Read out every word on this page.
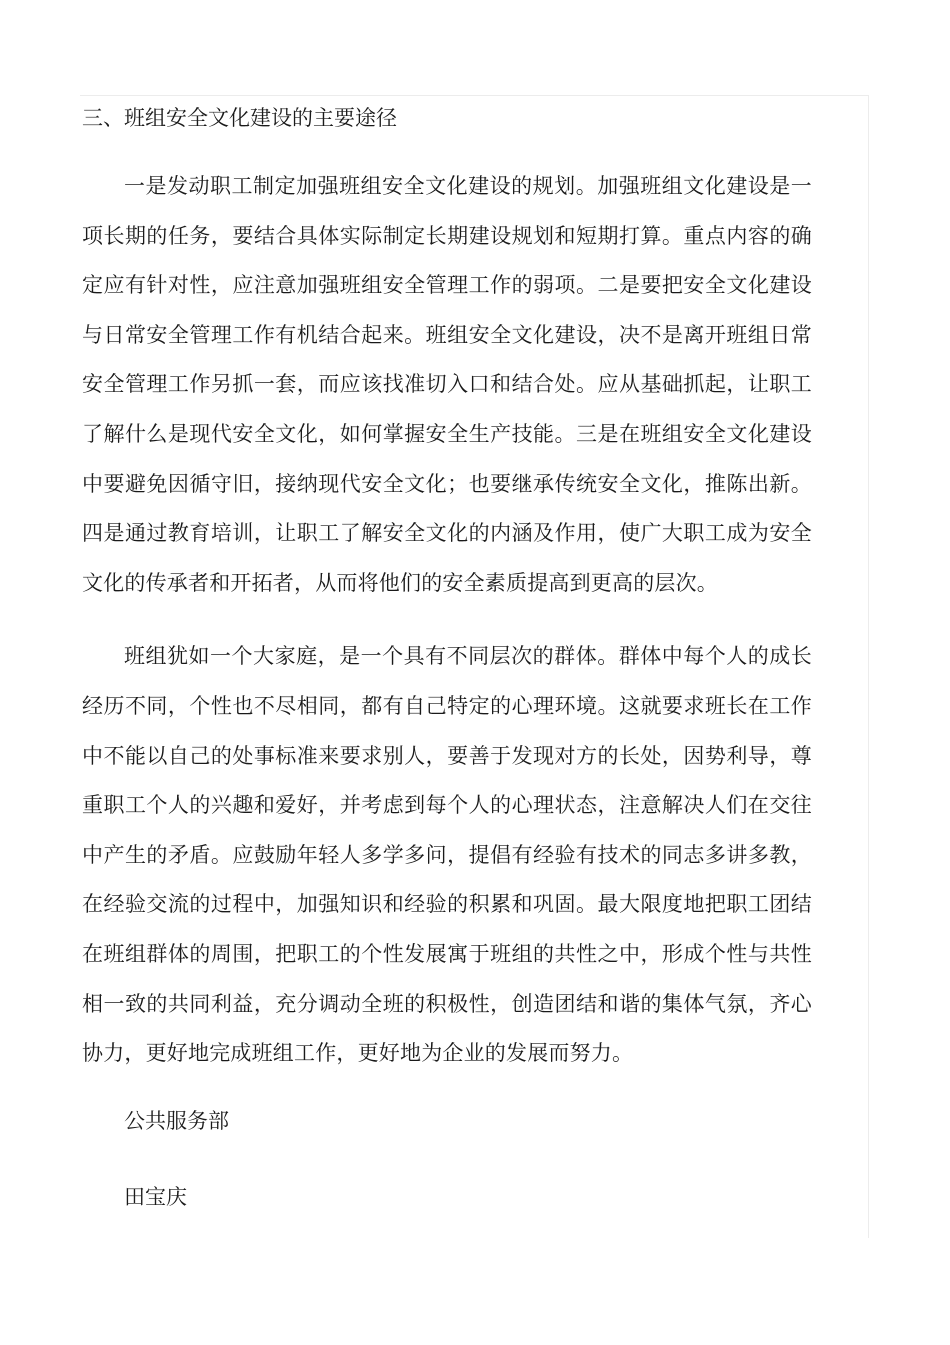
三、班组安全文化建设的主要途径

一是发动职工制定加强班组安全文化建设的规划。加强班组文化建设是一项长期的任务，要结合具体实际制定长期建设规划和短期打算。重点内容的确定应有针对性，应注意加强班组安全管理工作的弱项。二是要把安全文化建设与日常安全管理工作有机结合起来。班组安全文化建设，决不是离开班组日常安全管理工作另抓一套，而应该找准切入口和结合处。应从基础抓起，让职工了解什么是现代安全文化，如何掌握安全生产技能。三是在班组安全文化建设中要避免因循守旧，接纳现代安全文化；也要继承传统安全文化，推陈出新。四是通过教育培训，让职工了解安全文化的内涵及作用，使广大职工成为安全文化的传承者和开拓者，从而将他们的安全素质提高到更高的层次。

班组犹如一个大家庭，是一个具有不同层次的群体。群体中每个人的成长经历不同，个性也不尽相同，都有自己特定的心理环境。这就要求班长在工作中不能以自己的处事标准来要求别人，要善于发现对方的长处，因势利导，尊重职工个人的兴趣和爱好，并考虑到每个人的心理状态，注意解决人们在交往中产生的矛盾。应鼓励年轻人多学多问，提倡有经验有技术的同志多讲多教，在经验交流的过程中，加强知识和经验的积累和巩固。最大限度地把职工团结在班组群体的周围，把职工的个性发展寓于班组的共性之中，形成个性与共性相一致的共同利益，充分调动全班的积极性，创造团结和谐的集体气氛，齐心协力，更好地完成班组工作，更好地为企业的发展而努力。

公共服务部
田宝庆
